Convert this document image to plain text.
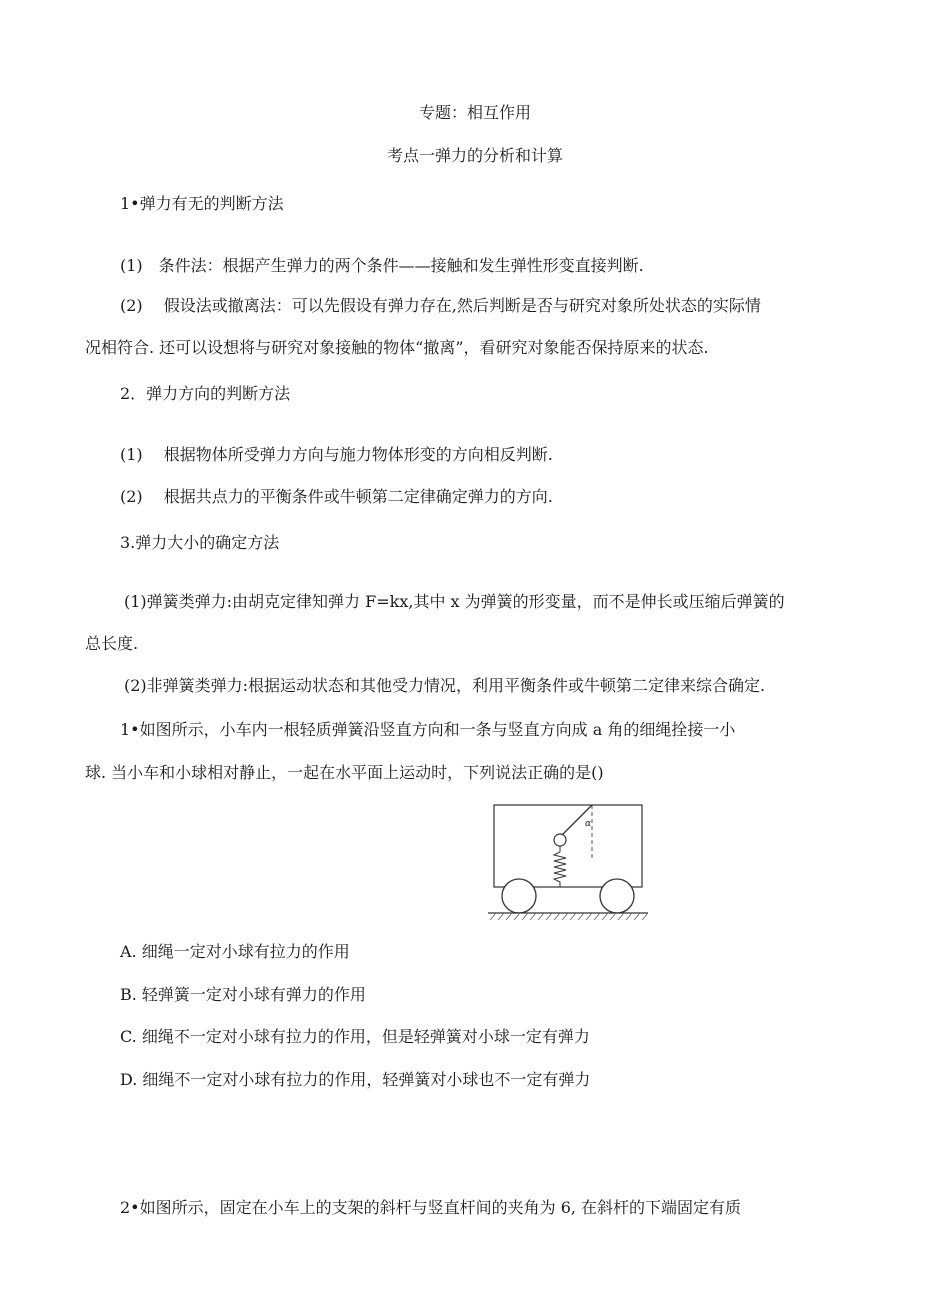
专题：相互作用
考点一弹力的分析和计算
1•弹力有无的判断方法
(1)　条件法：根据产生弹力的两个条件——接触和发生弹性形变直接判断.
(2)　 假设法或撤离法：可以先假设有弹力存在,然后判断是否与研究对象所处状态的实际情
况相符合. 还可以设想将与研究对象接触的物体“撤离”，看研究对象能否保持原来的状态.
2．弹力方向的判断方法
(1)　 根据物体所受弹力方向与施力物体形变的方向相反判断.
(2)　 根据共点力的平衡条件或牛顿第二定律确定弹力的方向.
3.弹力大小的确定方法
(1)弹簧类弹力:由胡克定律知弹力 F=kx,其中 x 为弹簧的形变量，而不是伸长或压缩后弹簧的
总长度.
(2)非弹簧类弹力:根据运动状态和其他受力情况，利用平衡条件或牛顿第二定律来综合确定.
1•如图所示，小车内一根轻质弹簧沿竖直方向和一条与竖直方向成 a 角的细绳拴接一小
球. 当小车和小球相对静止，一起在水平面上运动时，下列说法正确的是()
α
A. 细绳一定对小球有拉力的作用
B. 轻弹簧一定对小球有弹力的作用
C. 细绳不一定对小球有拉力的作用，但是轻弹簧对小球一定有弹力
D. 细绳不一定对小球有拉力的作用，轻弹簧对小球也不一定有弹力
2•如图所示，固定在小车上的支架的斜杆与竖直杆间的夹角为 6, 在斜杆的下端固定有质
